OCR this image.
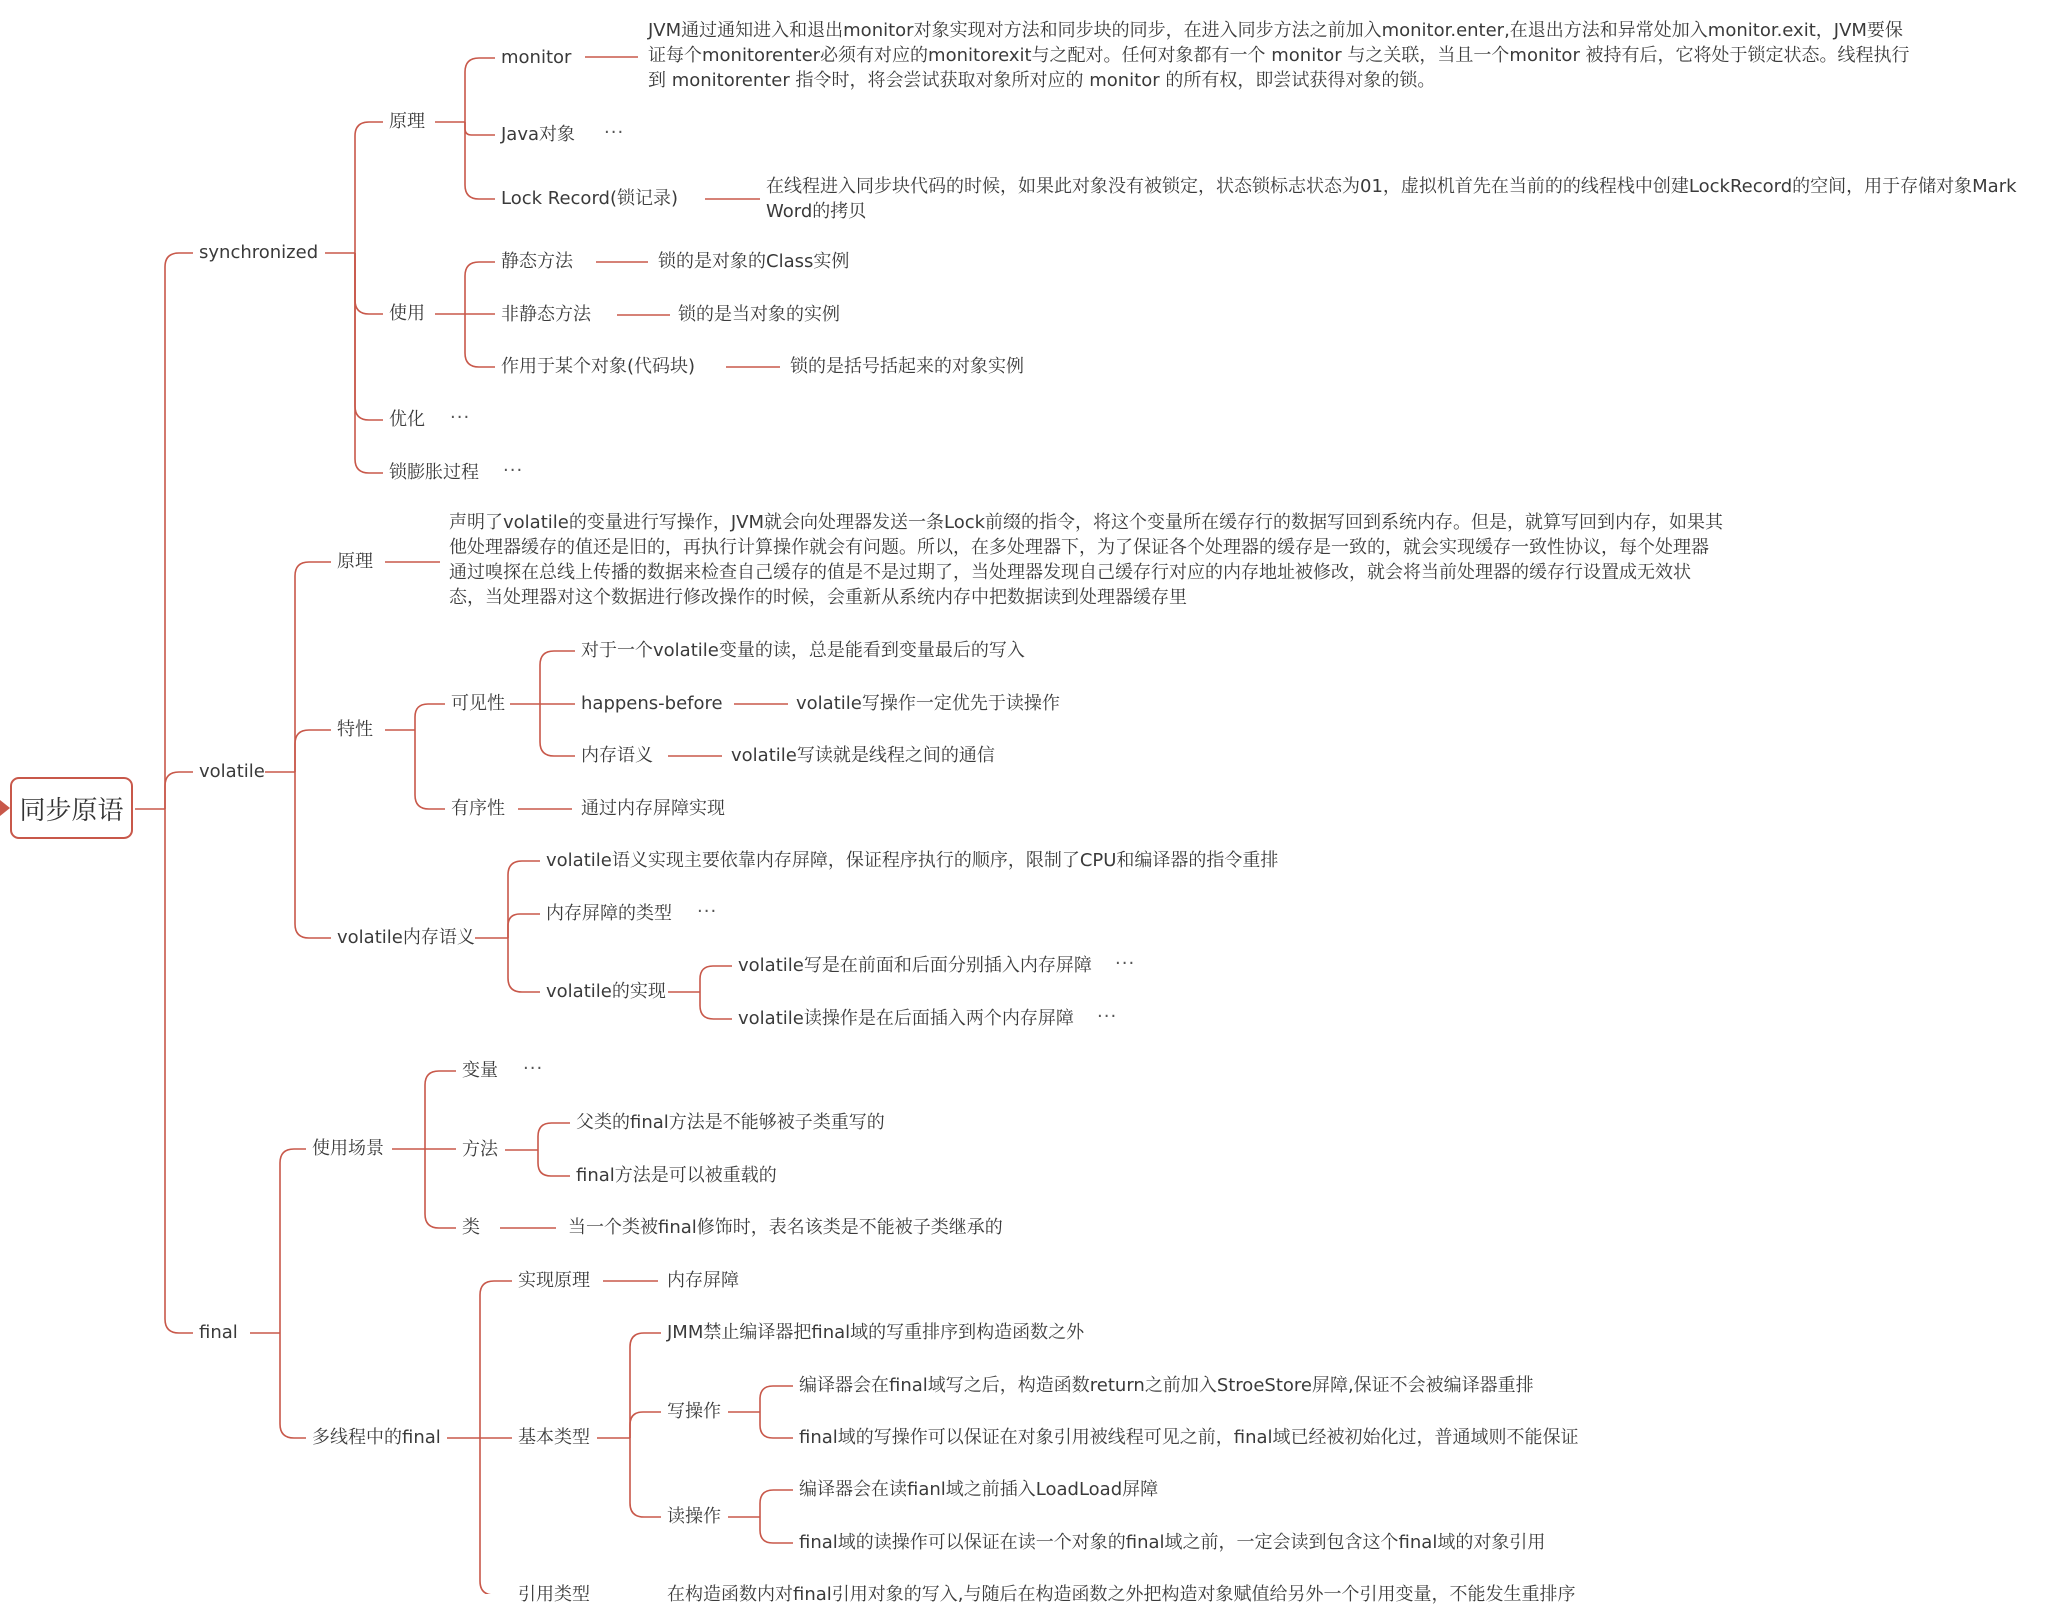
同步原语
synchronized
原理
monitor
JVM通过通知进入和退出monitor对象实现对方法和同步块的同步，在进入同步方法之前加入monitor.enter,在退出方法和异常处加入monitor.exit，JVM要保证每个monitorenter必须有对应的monitorexit与之配对。任何对象都有一个 monitor 与之关联，当且一个monitor 被持有后，它将处于锁定状态。线程执行到 monitorenter 指令时，将会尝试获取对象所对应的 monitor 的所有权，即尝试获得对象的锁。
Java对象 ···
Lock Record(锁记录)
在线程进入同步块代码的时候，如果此对象没有被锁定，状态锁标志状态为01，虚拟机首先在当前的的线程栈中创建LockRecord的空间，用于存储对象Mark Word的拷贝
使用
静态方法	锁的是对象的Class实例
非静态方法	锁的是当对象的实例
作用于某个对象(代码块)	锁的是括号括起来的对象实例
优化 ···
锁膨胀过程 ···
volatile
原理
声明了volatile的变量进行写操作，JVM就会向处理器发送一条Lock前缀的指令，将这个变量所在缓存行的数据写回到系统内存。但是，就算写回到内存，如果其他处理器缓存的值还是旧的，再执行计算操作就会有问题。所以，在多处理器下，为了保证各个处理器的缓存是一致的，就会实现缓存一致性协议，每个处理器通过嗅探在总线上传播的数据来检查自己缓存的值是不是过期了，当处理器发现自己缓存行对应的内存地址被修改，就会将当前处理器的缓存行设置成无效状态，当处理器对这个数据进行修改操作的时候，会重新从系统内存中把数据读到处理器缓存里
特性
可见性
对于一个volatile变量的读，总是能看到变量最后的写入
happens-before	volatile写操作一定优先于读操作
内存语义	volatile写读就是线程之间的通信
有序性	通过内存屏障实现
volatile内存语义
volatile语义实现主要依靠内存屏障，保证程序执行的顺序，限制了CPU和编译器的指令重排
内存屏障的类型 ···
volatile的实现
volatile写是在前面和后面分别插入内存屏障 ···
volatile读操作是在后面插入两个内存屏障 ···
final
使用场景
变量 ···
方法
父类的final方法是不能够被子类重写的
final方法是可以被重载的
类	当一个类被final修饰时，表名该类是不能被子类继承的
多线程中的final
实现原理	内存屏障
基本类型
JMM禁止编译器把final域的写重排序到构造函数之外
写操作
编译器会在final域写之后，构造函数return之前加入StroeStore屏障,保证不会被编译器重排
final域的写操作可以保证在对象引用被线程可见之前，final域已经被初始化过，普通域则不能保证
读操作
编译器会在读fianl域之前插入LoadLoad屏障
final域的读操作可以保证在读一个对象的final域之前，一定会读到包含这个final域的对象引用
引用类型	在构造函数内对final引用对象的写入,与随后在构造函数之外把构造对象赋值给另外一个引用变量，不能发生重排序
